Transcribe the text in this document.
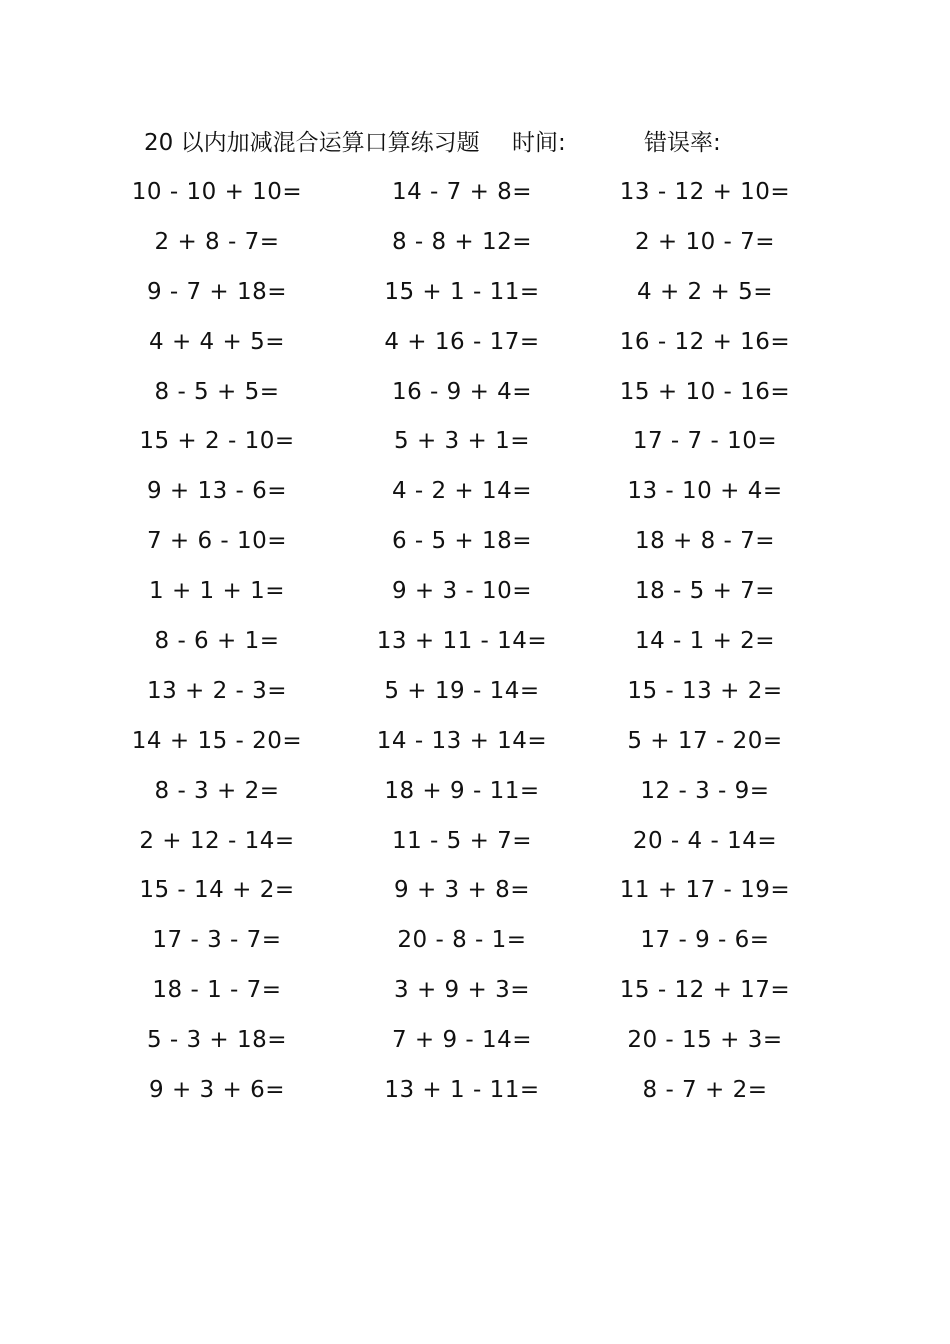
20 以内加减混合运算口算练习题 时间:	错误率:
10 - 10 + 10=	14 - 7 + 8=	13 - 12 + 10=
2 + 8 - 7=	8 - 8 + 12=	2 + 10 - 7=
9 - 7 + 18=	15 + 1 - 11=	4 + 2 + 5=
4 + 4 + 5=	4 + 16 - 17=	16 - 12 + 16=
8 - 5 + 5=	16 - 9 + 4=	15 + 10 - 16=
15 + 2 - 10=	5 + 3 + 1=	17 - 7 - 10=
9 + 13 - 6=	4 - 2 + 14=	13 - 10 + 4=
7 + 6 - 10=	6 - 5 + 18=	18 + 8 - 7=
1 + 1 + 1=	9 + 3 - 10=	18 - 5 + 7=
8 - 6 + 1=	13 + 11 - 14=	14 - 1 + 2=
13 + 2 - 3=	5 + 19 - 14=	15 - 13 + 2=
14 + 15 - 20=	14 - 13 + 14=	5 + 17 - 20=
8 - 3 + 2=	18 + 9 - 11=	12 - 3 - 9=
2 + 12 - 14=	11 - 5 + 7=	20 - 4 - 14=
15 - 14 + 2=	9 + 3 + 8=	11 + 17 - 19=
17 - 3 - 7=	20 - 8 - 1=	17 - 9 - 6=
18 - 1 - 7=	3 + 9 + 3=	15 - 12 + 17=
5 - 3 + 18=	7 + 9 - 14=	20 - 15 + 3=
9 + 3 + 6=	13 + 1 - 11=	8 - 7 + 2=
